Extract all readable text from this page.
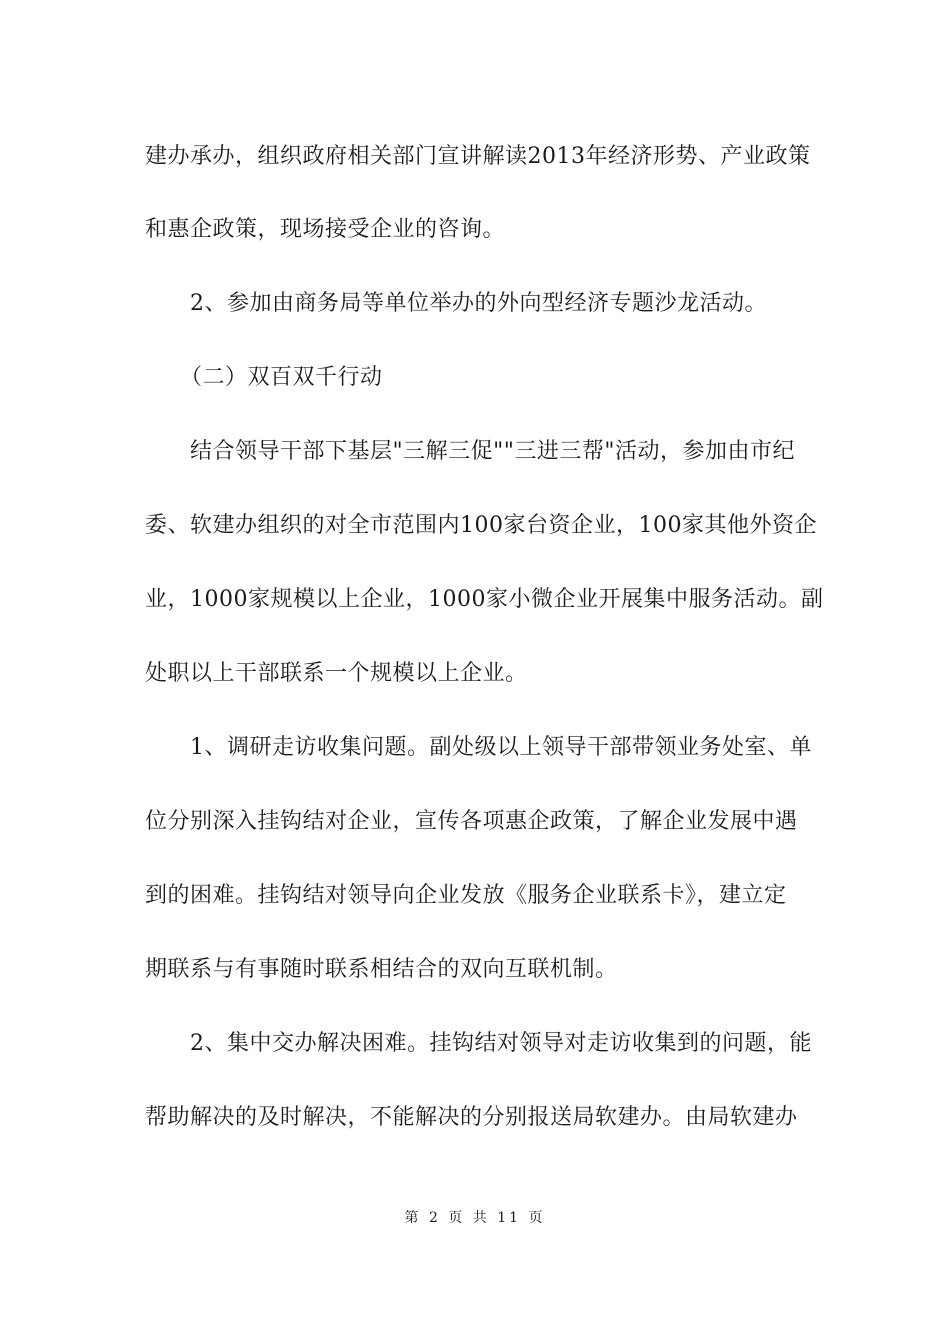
建办承办，组织政府相关部门宣讲解读2013年经济形势、产业政策
和惠企政策，现场接受企业的咨询。
2、参加由商务局等单位举办的外向型经济专题沙龙活动。
（二）双百双千行动
结合领导干部下基层"三解三促""三进三帮"活动，参加由市纪
委、软建办组织的对全市范围内100家台资企业，100家其他外资企
业，1000家规模以上企业，1000家小微企业开展集中服务活动。副
处职以上干部联系一个规模以上企业。
1、调研走访收集问题。副处级以上领导干部带领业务处室、单
位分别深入挂钩结对企业，宣传各项惠企政策，了解企业发展中遇
到的困难。挂钩结对领导向企业发放《服务企业联系卡》，建立定
期联系与有事随时联系相结合的双向互联机制。
2、集中交办解决困难。挂钩结对领导对走访收集到的问题，能
帮助解决的及时解决，不能解决的分别报送局软建办。由局软建办
第 2 页 共 11 页
